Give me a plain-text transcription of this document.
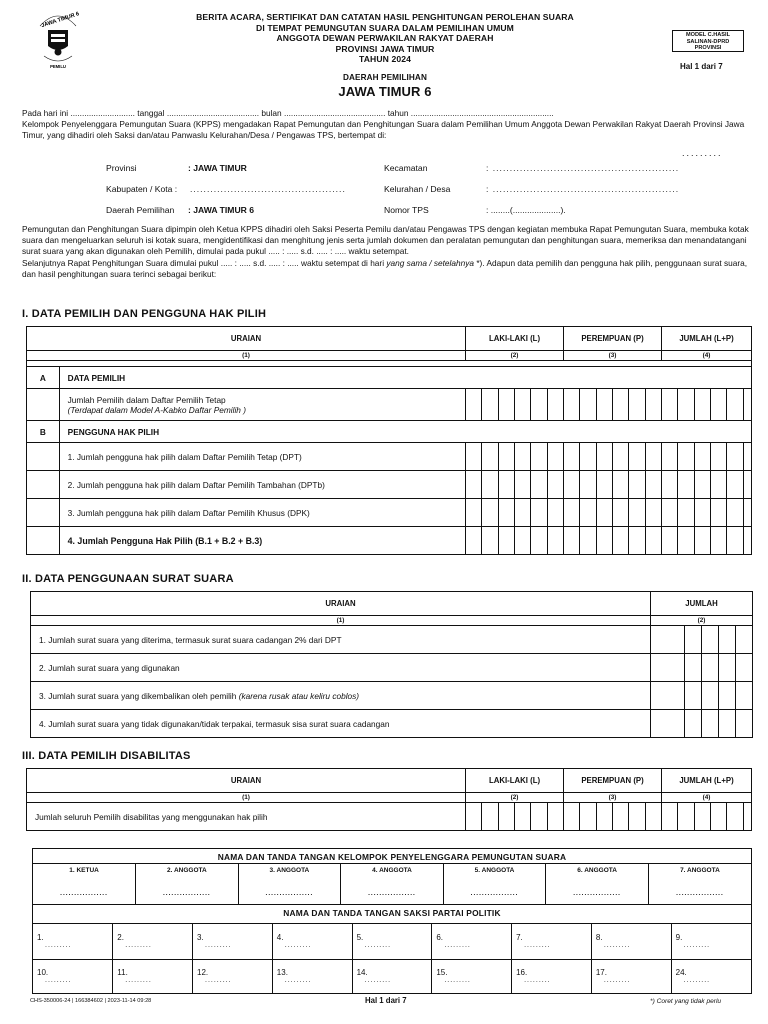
JAWA TIMUR 6
PEMILU
BERITA ACARA, SERTIFIKAT DAN CATATAN HASIL PENGHITUNGAN PEROLEHAN SUARA
DI TEMPAT PEMUNGUTAN SUARA DALAM PEMILIHAN UMUM
ANGGOTA DEWAN PERWAKILAN RAKYAT DAERAH
PROVINSI JAWA TIMUR
TAHUN 2024
DAERAH PEMILIHAN
JAWA TIMUR 6
MODEL C.HASIL
SALINAN-DPRD
PROVINSI
Hal 1 dari 7
Pada hari ini ............................ tanggal ........................................ bulan ............................................ tahun ..............................................................
Kelompok Penyelenggara Pemungutan Suara (KPPS) mengadakan Rapat Pemungutan dan Penghitungan Suara dalam Pemilihan Umum Anggota Dewan Perwakilan Rakyat Daerah Provinsi Jawa Timur, yang dihadiri oleh Saksi dan/atau Panwaslu Kelurahan/Desa / Pengawas TPS, bertempat di:
.........
Provinsi	: JAWA TIMUR
Kabupaten / Kota : ..............................................
Daerah Pemilihan : JAWA TIMUR 6
Kecamatan	: .......................................................
Kelurahan / Desa	: .......................................................
Nomor TPS	: ........(....................).
Pemungutan dan Penghitungan Suara dipimpin oleh Ketua KPPS dihadiri oleh Saksi Peserta Pemilu dan/atau Pengawas TPS dengan kegiatan membuka Rapat Pemungutan Suara, membuka kotak suara dan mengeluarkan seluruh isi kotak suara, mengidentifikasi dan menghitung jenis serta jumlah dokumen dan peralatan pemungutan dan penghitungan suara, memeriksa dan menandatangani surat suara yang akan digunakan oleh Pemilih, dimulai pada pukul ..... : ..... s.d. ..... : ..... waktu setempat.
Selanjutnya Rapat Penghitungan Suara dimulai pukul ..... : ..... s.d. ..... : ..... waktu setempat di hari yang sama / setelahnya *). Adapun data pemilih dan pengguna hak pilih, penggunaan surat suara, dan hasil penghitungan suara terinci sebagai berikut:
I. DATA PEMILIH DAN PENGGUNA HAK PILIH
URAIAN		LAKI-LAKI (L)						PEREMPUAN (P)						JUMLAH (L+P)					
(1)		(2)						(3)						(4)					

A	DATA PEMILIH																		

	Jumlah Pemilih dalam Daftar Pemilih Tetap
(Terdapat dalam Model A-Kabko Daftar Pemilih )																		

B	PENGGUNA HAK PILIH																		
	1. Jumlah pengguna hak pilih dalam Daftar Pemilih Tetap (DPT)																		
	2. Jumlah pengguna hak pilih dalam Daftar Pemilih Tambahan (DPTb)																		
	3. Jumlah pengguna hak pilih dalam Daftar Pemilih Khusus (DPK)																		
	4. Jumlah Pengguna Hak Pilih (B.1 + B.2 + B.3)																		
II. DATA PENGGUNAAN SURAT SUARA
URAIAN	JUMLAH				
(1)	(2)				
1. Jumlah surat suara yang diterima, termasuk surat suara cadangan 2% dari DPT					
2. Jumlah surat suara yang digunakan					
3. Jumlah surat suara yang dikembalikan oleh pemilih (karena rusak atau keliru coblos)					
4. Jumlah surat suara yang tidak digunakan/tidak terpakai, termasuk sisa surat suara cadangan					
III. DATA PEMILIH DISABILITAS
URAIAN	LAKI-LAKI (L)						PEREMPUAN (P)						JUMLAH (L+P)					
(1)	(2)						(3)						(4)					
Jumlah seluruh Pemilih disabilitas yang menggunakan hak pilih																		
NAMA DAN TANDA TANGAN KELOMPOK PENYELENGGARA PEMUNGUTAN SUARA
1. KETUA
.................

2. ANGGOTA
.................

3. ANGGOTA
.................

4. ANGGOTA
.................

5. ANGGOTA
.................

6. ANGGOTA
.................

7. ANGGOTA
.................
NAMA DAN TANDA TANGAN SAKSI PARTAI POLITIK
1.
.........	2.
.........	3.
.........	4.
.........	5.
.........	6.
.........	7.
.........	8.
.........	9.
.........

10.
.........	11.
.........	12.
.........	13.
.........	14.
.........	15.
.........	16.
.........	17.
.........	24.
.........
CHS-350006-24 | 166384602 | 2023-11-14 09:28	Hal 1 dari 7	*) Coret yang tidak perlu
